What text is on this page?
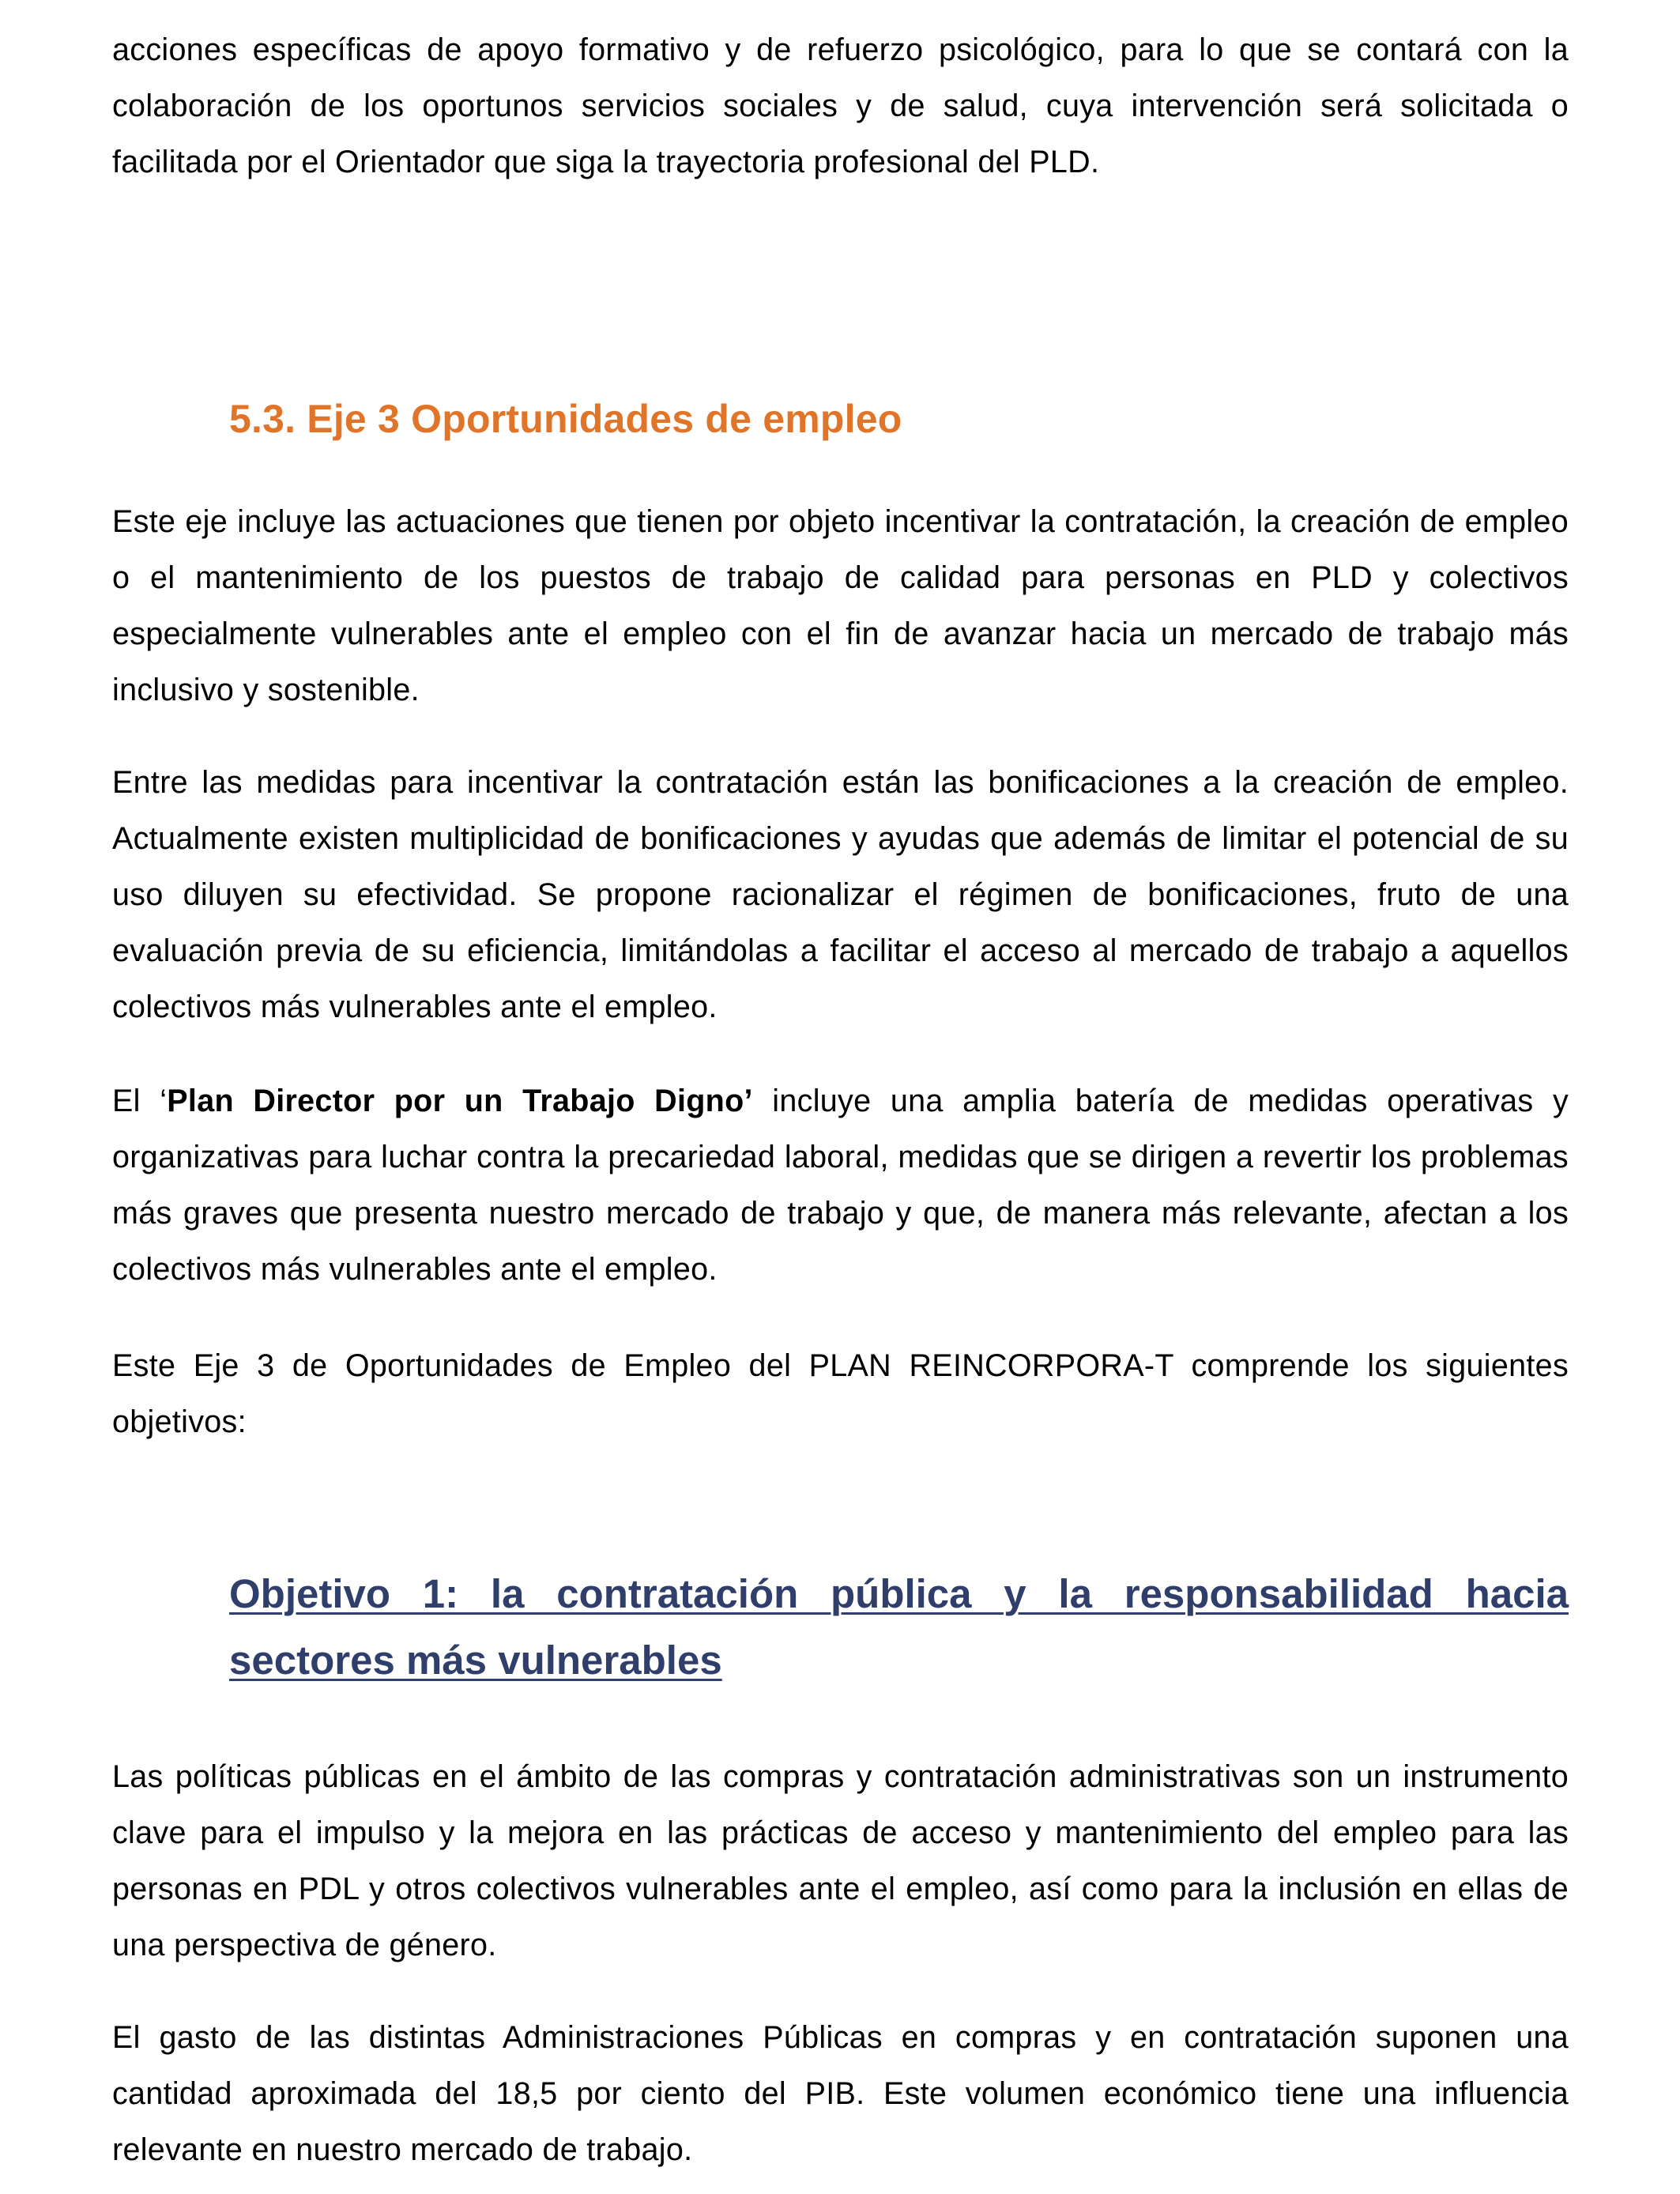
acciones específicas de apoyo formativo y de refuerzo psicológico, para lo que se contará con la colaboración de los oportunos servicios sociales y de salud, cuya intervención será solicitada o facilitada por el Orientador que siga la trayectoria profesional del PLD.

5.3. Eje 3 Oportunidades de empleo

Este eje incluye las actuaciones que tienen por objeto incentivar la contratación, la creación de empleo o el mantenimiento de los puestos de trabajo de calidad para personas en PLD y colectivos especialmente vulnerables ante el empleo con el fin de avanzar hacia un mercado de trabajo más inclusivo y sostenible.

Entre las medidas para incentivar la contratación están las bonificaciones a la creación de empleo. Actualmente existen multiplicidad de bonificaciones y ayudas que además de limitar el potencial de su uso diluyen su efectividad. Se propone racionalizar el régimen de bonificaciones, fruto de una evaluación previa de su eficiencia, limitándolas a facilitar el acceso al mercado de trabajo a aquellos colectivos más vulnerables ante el empleo.

El ‘Plan Director por un Trabajo Digno’ incluye una amplia batería de medidas operativas y organizativas para luchar contra la precariedad laboral, medidas que se dirigen a revertir los problemas más graves que presenta nuestro mercado de trabajo y que, de manera más relevante, afectan a los colectivos más vulnerables ante el empleo.

Este Eje 3 de Oportunidades de Empleo del PLAN REINCORPORA-T comprende los siguientes objetivos:

Objetivo 1: la contratación pública y la responsabilidad hacia sectores más vulnerables

Las políticas públicas en el ámbito de las compras y contratación administrativas son un instrumento clave para el impulso y la mejora en las prácticas de acceso y mantenimiento del empleo para las personas en PDL y otros colectivos vulnerables ante el empleo, así como para la inclusión en ellas de una perspectiva de género.

El gasto de las distintas Administraciones Públicas en compras y en contratación suponen una cantidad aproximada del 18,5 por ciento del PIB. Este volumen económico tiene una influencia relevante en nuestro mercado de trabajo.
